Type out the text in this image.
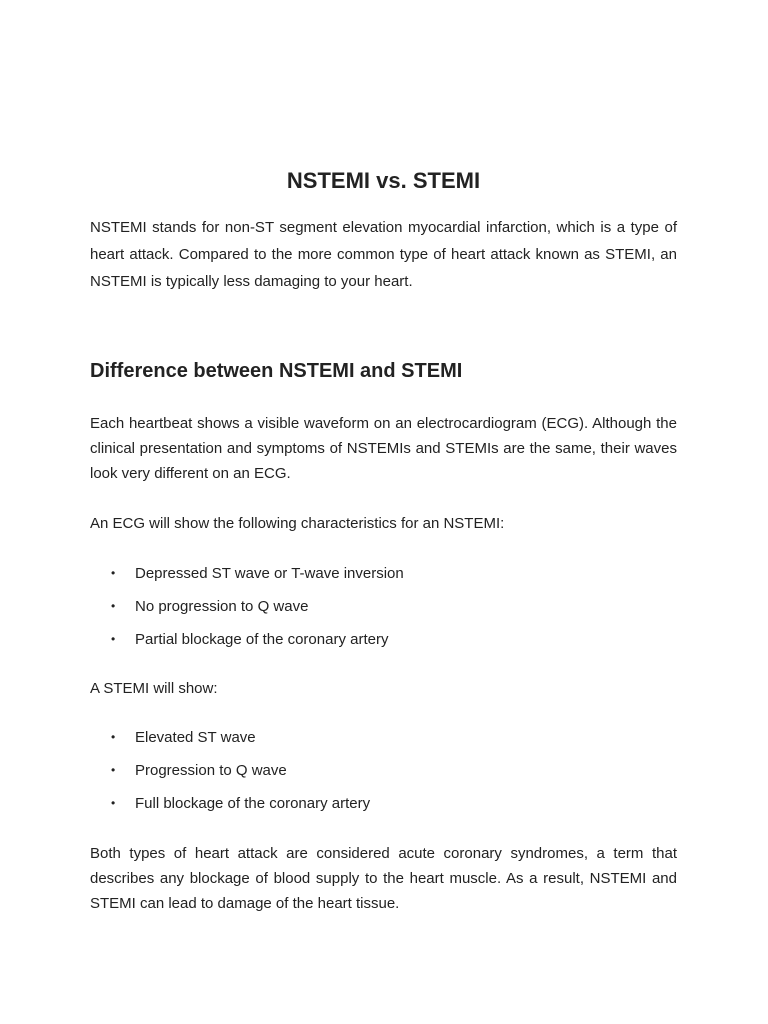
NSTEMI vs. STEMI

NSTEMI stands for non-ST segment elevation myocardial infarction, which is a type of heart attack. Compared to the more common type of heart attack known as STEMI, an NSTEMI is typically less damaging to your heart.

Difference between NSTEMI and STEMI

Each heartbeat shows a visible waveform on an electrocardiogram (ECG). Although the clinical presentation and symptoms of NSTEMIs and STEMIs are the same, their waves look very different on an ECG.

An ECG will show the following characteristics for an NSTEMI:

• Depressed ST wave or T-wave inversion
• No progression to Q wave
• Partial blockage of the coronary artery

A STEMI will show:

• Elevated ST wave
• Progression to Q wave
• Full blockage of the coronary artery

Both types of heart attack are considered acute coronary syndromes, a term that describes any blockage of blood supply to the heart muscle. As a result, NSTEMI and STEMI can lead to damage of the heart tissue.
